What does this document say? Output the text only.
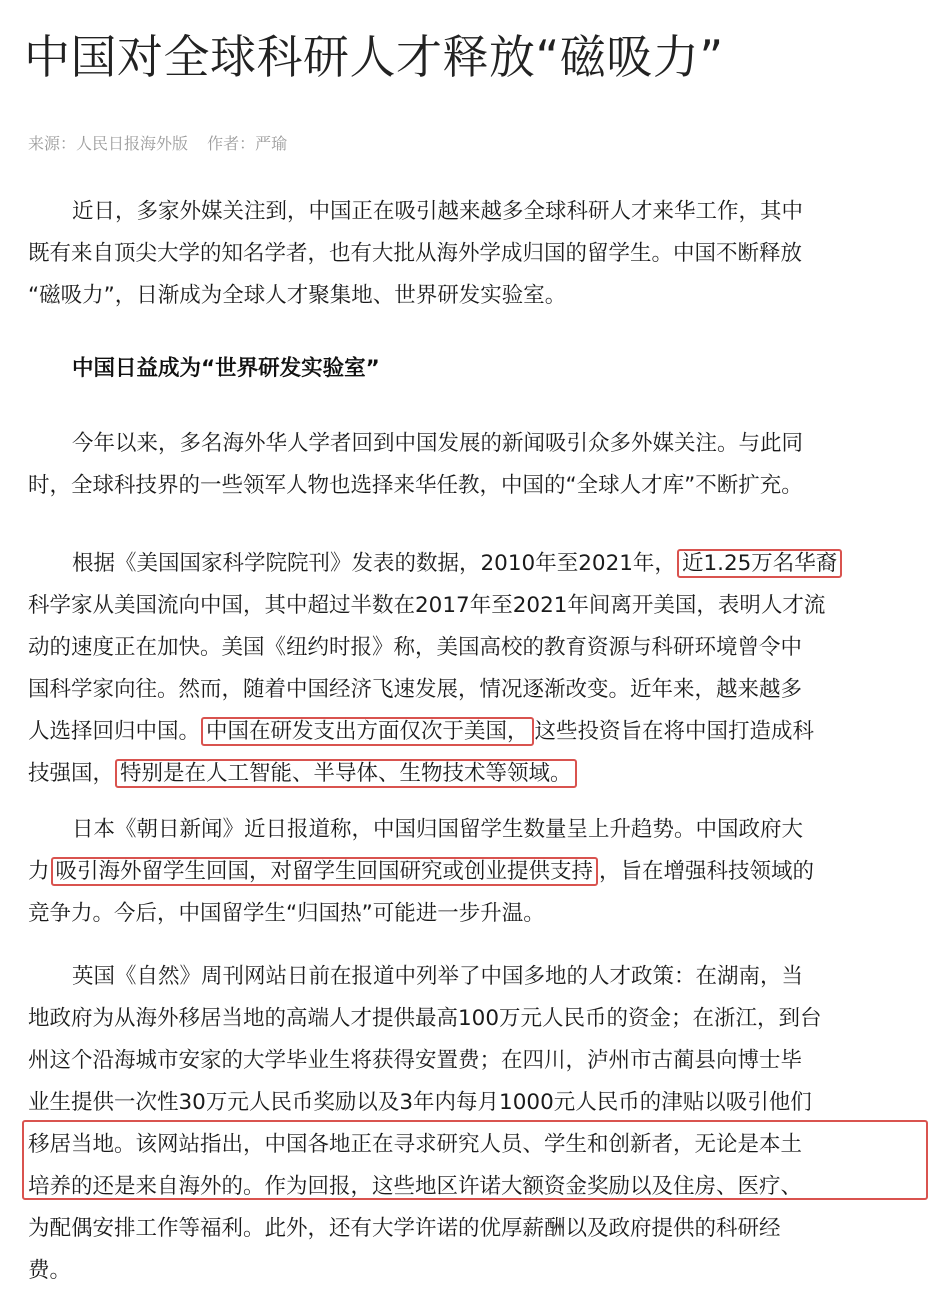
中国对全球科研人才释放“磁吸力”
来源：人民日报海外版 作者：严瑜
近日，多家外媒关注到，中国正在吸引越来越多全球科研人才来华工作，其中
既有来自顶尖大学的知名学者，也有大批从海外学成归国的留学生。中国不断释放
“磁吸力”，日渐成为全球人才聚集地、世界研发实验室。
中国日益成为“世界研发实验室”
今年以来，多名海外华人学者回到中国发展的新闻吸引众多外媒关注。与此同
时，全球科技界的一些领军人物也选择来华任教，中国的“全球人才库”不断扩充。
根据《美国国家科学院院刊》发表的数据，2010年至2021年， 近1.25万名华裔
科学家从美国流向中国，其中超过半数在2017年至2021年间离开美国，表明人才流
动的速度正在加快。美国《纽约时报》称，美国高校的教育资源与科研环境曾令中
国科学家向往。然而，随着中国经济飞速发展，情况逐渐改变。近年来，越来越多
人选择回归中国。 中国在研发支出方面仅次于美国， 这些投资旨在将中国打造成科
技强国， 特别是在人工智能、半导体、生物技术等领域。
日本《朝日新闻》近日报道称，中国归国留学生数量呈上升趋势。中国政府大
力 吸引海外留学生回国，对留学生回国研究或创业提供支持 ，旨在增强科技领域的
竞争力。今后，中国留学生“归国热”可能进一步升温。
英国《自然》周刊网站日前在报道中列举了中国多地的人才政策：在湖南，当
地政府为从海外移居当地的高端人才提供最高100万元人民币的资金；在浙江，到台
州这个沿海城市安家的大学毕业生将获得安置费；在四川，泸州市古蔺县向博士毕
业生提供一次性30万元人民币奖励以及3年内每月1000元人民币的津贴以吸引他们
移居当地。该网站指出，中国各地正在寻求研究人员、学生和创新者，无论是本土
培养的还是来自海外的。作为回报，这些地区许诺大额资金奖励以及住房、医疗、
为配偶安排工作等福利。此外，还有大学许诺的优厚薪酬以及政府提供的科研经
费。
